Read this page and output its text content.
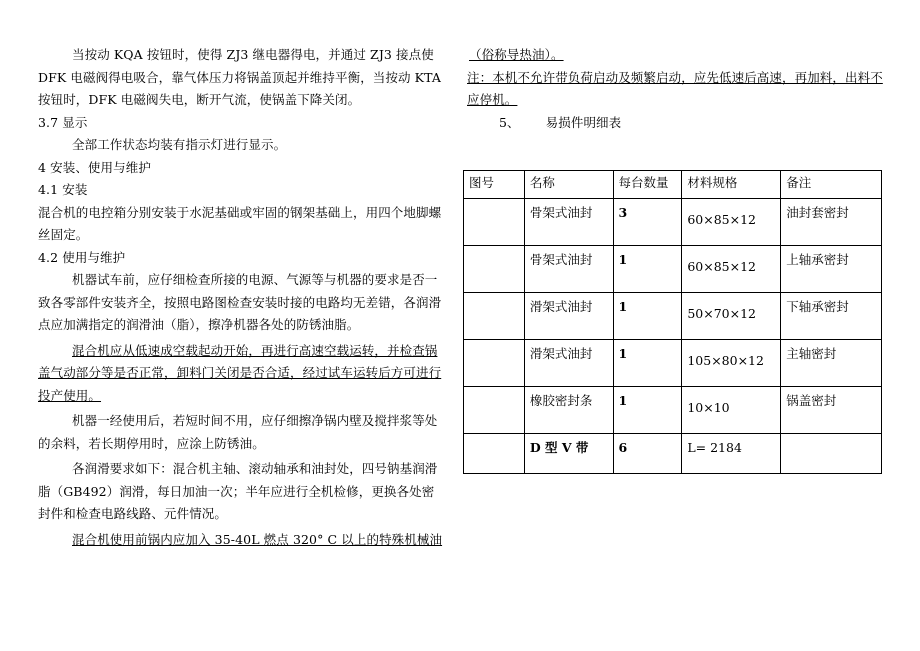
当按动 KQA 按钮时，使得 ZJ3 继电器得电，并通过 ZJ3 接点使 DFK 电磁阀得电吸合，靠气体压力将锅盖顶起并维持平衡，当按动 KTA 按钮时，DFK 电磁阀失电，断开气流，使锅盖下降关闭。

3.7 显示

全部工作状态均装有指示灯进行显示。

4 安装、使用与维护

4.1 安装

混合机的电控箱分别安装于水泥基础或牢固的钢架基础上，用四个地脚螺丝固定。

4.2 使用与维护

机器试车前，应仔细检查所接的电源、气源等与机器的要求是否一致各零部件安装齐全，按照电路图检查安装时接的电路均无差错，各润滑点应加满指定的润滑油（脂），擦净机器各处的防锈油脂。

混合机应从低速成空载起动开始，再进行高速空载运转，并检查锅盖气动部分等是否正常，卸料门关闭是否合适，经过试车运转后方可进行投产使用。

机器一经使用后，若短时间不用，应仔细擦净锅内壁及搅拌浆等处的余料，若长期停用时，应涂上防锈油。

各润滑要求如下：混合机主轴、滚动轴承和油封处，四号钠基润滑脂（GB492）润滑，每日加油一次；半年应进行全机检修，更换各处密封件和检查电路线路、元件情况。

混合机使用前锅内应加入 35-40L 燃点 320° C 以上的特殊机械油

（俗称导热油）。

注：本机不允许带负荷启动及频繁启动，应先低速后高速，再加料，出料不应停机。

5、 易损件明细表

图号	名称	每台数量	材料规格	备注
	骨架式油封	3	60×85×12	油封套密封
	骨架式油封	1	60×85×12	上轴承密封
	滑架式油封	1	50×70×12	下轴承密封
	滑架式油封	1	105×80×12	主轴密封
	橡胶密封条	1	10×10	锅盖密封
	D 型 V 带	6	L= 2184	
